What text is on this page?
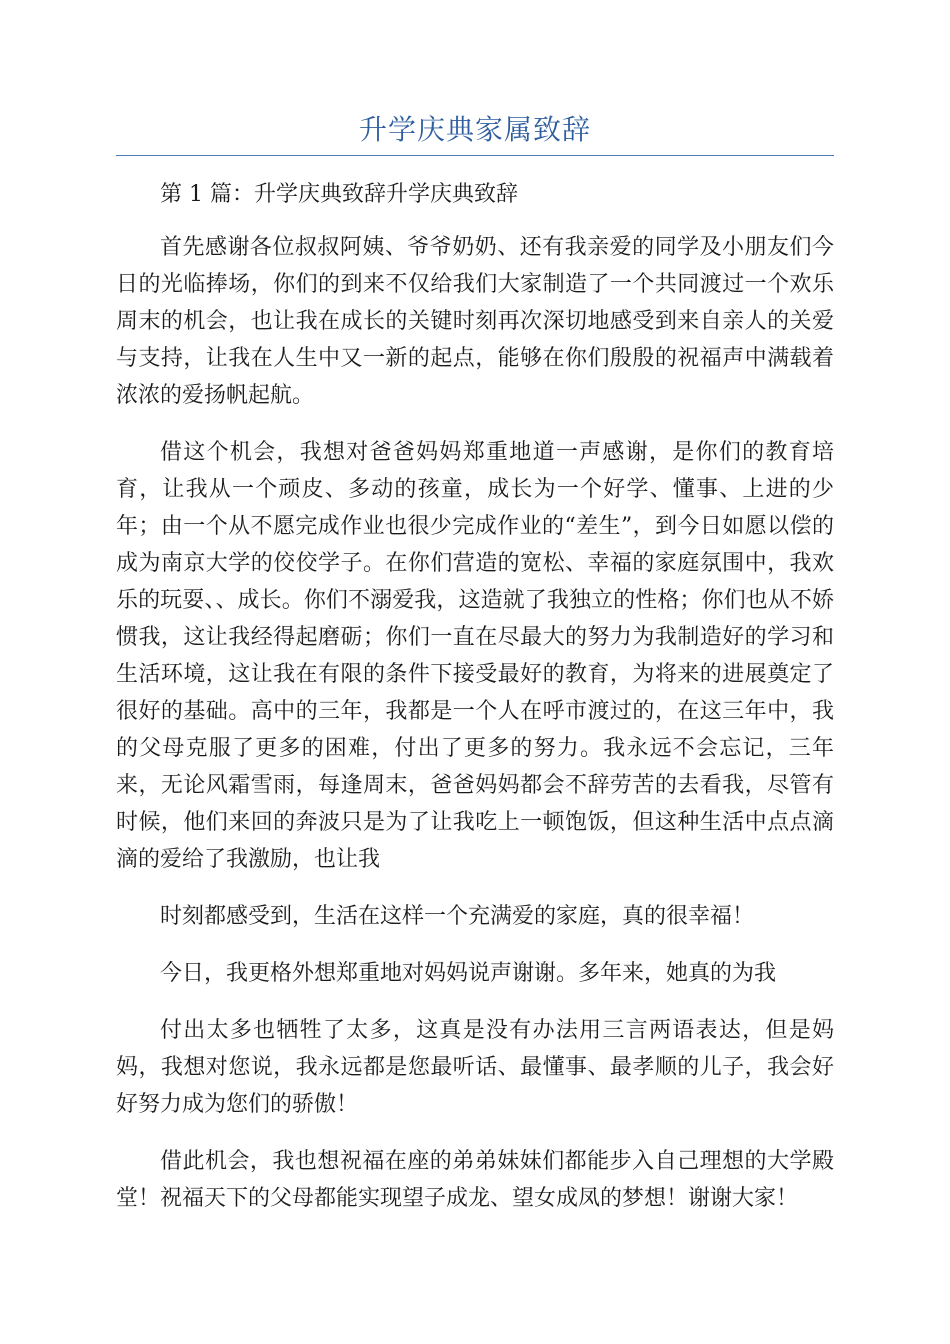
升学庆典家属致辞

第 1 篇：升学庆典致辞升学庆典致辞

首先感谢各位叔叔阿姨、爷爷奶奶、还有我亲爱的同学及小朋友们今日的光临捧场，你们的到来不仅给我们大家制造了一个共同渡过一个欢乐周末的机会，也让我在成长的关键时刻再次深切地感受到来自亲人的关爱与支持，让我在人生中又一新的起点，能够在你们殷殷的祝福声中满载着浓浓的爱扬帆起航。

借这个机会，我想对爸爸妈妈郑重地道一声感谢，是你们的教育培育，让我从一个顽皮、多动的孩童，成长为一个好学、懂事、上进的少年；由一个从不愿完成作业也很少完成作业的“差生”，到今日如愿以偿的成为南京大学的佼佼学子。在你们营造的宽松、幸福的家庭氛围中，我欢乐的玩耍、、成长。你们不溺爱我，这造就了我独立的性格；你们也从不娇惯我，这让我经得起磨砺；你们一直在尽最大的努力为我制造好的学习和生活环境，这让我在有限的条件下接受最好的教育，为将来的进展奠定了很好的基础。高中的三年，我都是一个人在呼市渡过的，在这三年中，我的父母克服了更多的困难，付出了更多的努力。我永远不会忘记，三年来，无论风霜雪雨，每逢周末，爸爸妈妈都会不辞劳苦的去看我，尽管有时候，他们来回的奔波只是为了让我吃上一顿饱饭，但这种生活中点点滴滴的爱给了我激励，也让我

时刻都感受到，生活在这样一个充满爱的家庭，真的很幸福！

今日，我更格外想郑重地对妈妈说声谢谢。多年来，她真的为我

付出太多也牺牲了太多，这真是没有办法用三言两语表达，但是妈妈，我想对您说，我永远都是您最听话、最懂事、最孝顺的儿子，我会好好努力成为您们的骄傲！

借此机会，我也想祝福在座的弟弟妹妹们都能步入自己理想的大学殿堂！祝福天下的父母都能实现望子成龙、望女成凤的梦想！谢谢大家！
